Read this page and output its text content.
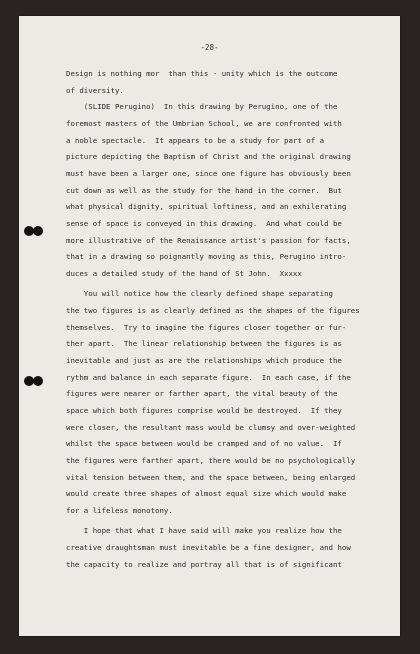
-28-
Design is nothing mor  than this - unity which is the outcome
of diversity.
(SLIDE Perugino)  In this drawing by Perugino, one of the
foremost masters of the Umbrian School, we are confronted with
a noble spectacle.  It appears to be a study for part of a
picture depicting the Baptism of Christ and the original drawing
must have been a larger one, since one figure has obviously been
cut down as well as the study for the hand in the corner.  But
what physical dignity, spiritual loftiness, and an exhilerating
sense of space is conveyed in this drawing.  And what could be
more illustrative of the Renaissance artist's passion for facts,
that in a drawing so poignantly moving as this, Perugino intro-
duces a detailed study of the hand of St John.  Xxxxx
You will notice how the clearly defined shape separating
the two figures is as clearly defined as the shapes of the figures
themselves.  Try to imagine the figures closer together or fur-
ther apart.  The linear relationship between the figures is as
inevitable and just as are the relationships which produce the
rythm and balance in each separate figure.  In each case, if the
figures were nearer or farther apart, the vital beauty of the
space which both figures comprise would be destroyed.  If they
were closer, the resultant mass would be clumsy and over-weighted
whilst the space between would be cramped and of no value.  If
the figures were farther apart, there would be no psychologically
vital tension between them, and the space between, being enlarged
would create three shapes of almost equal size which would make
for a lifeless monotony.
I hope that what I have said will make you realize how the
creative draughtsman must inevitable be a fine designer, and how
the capacity to realize and portray all that is of significant
